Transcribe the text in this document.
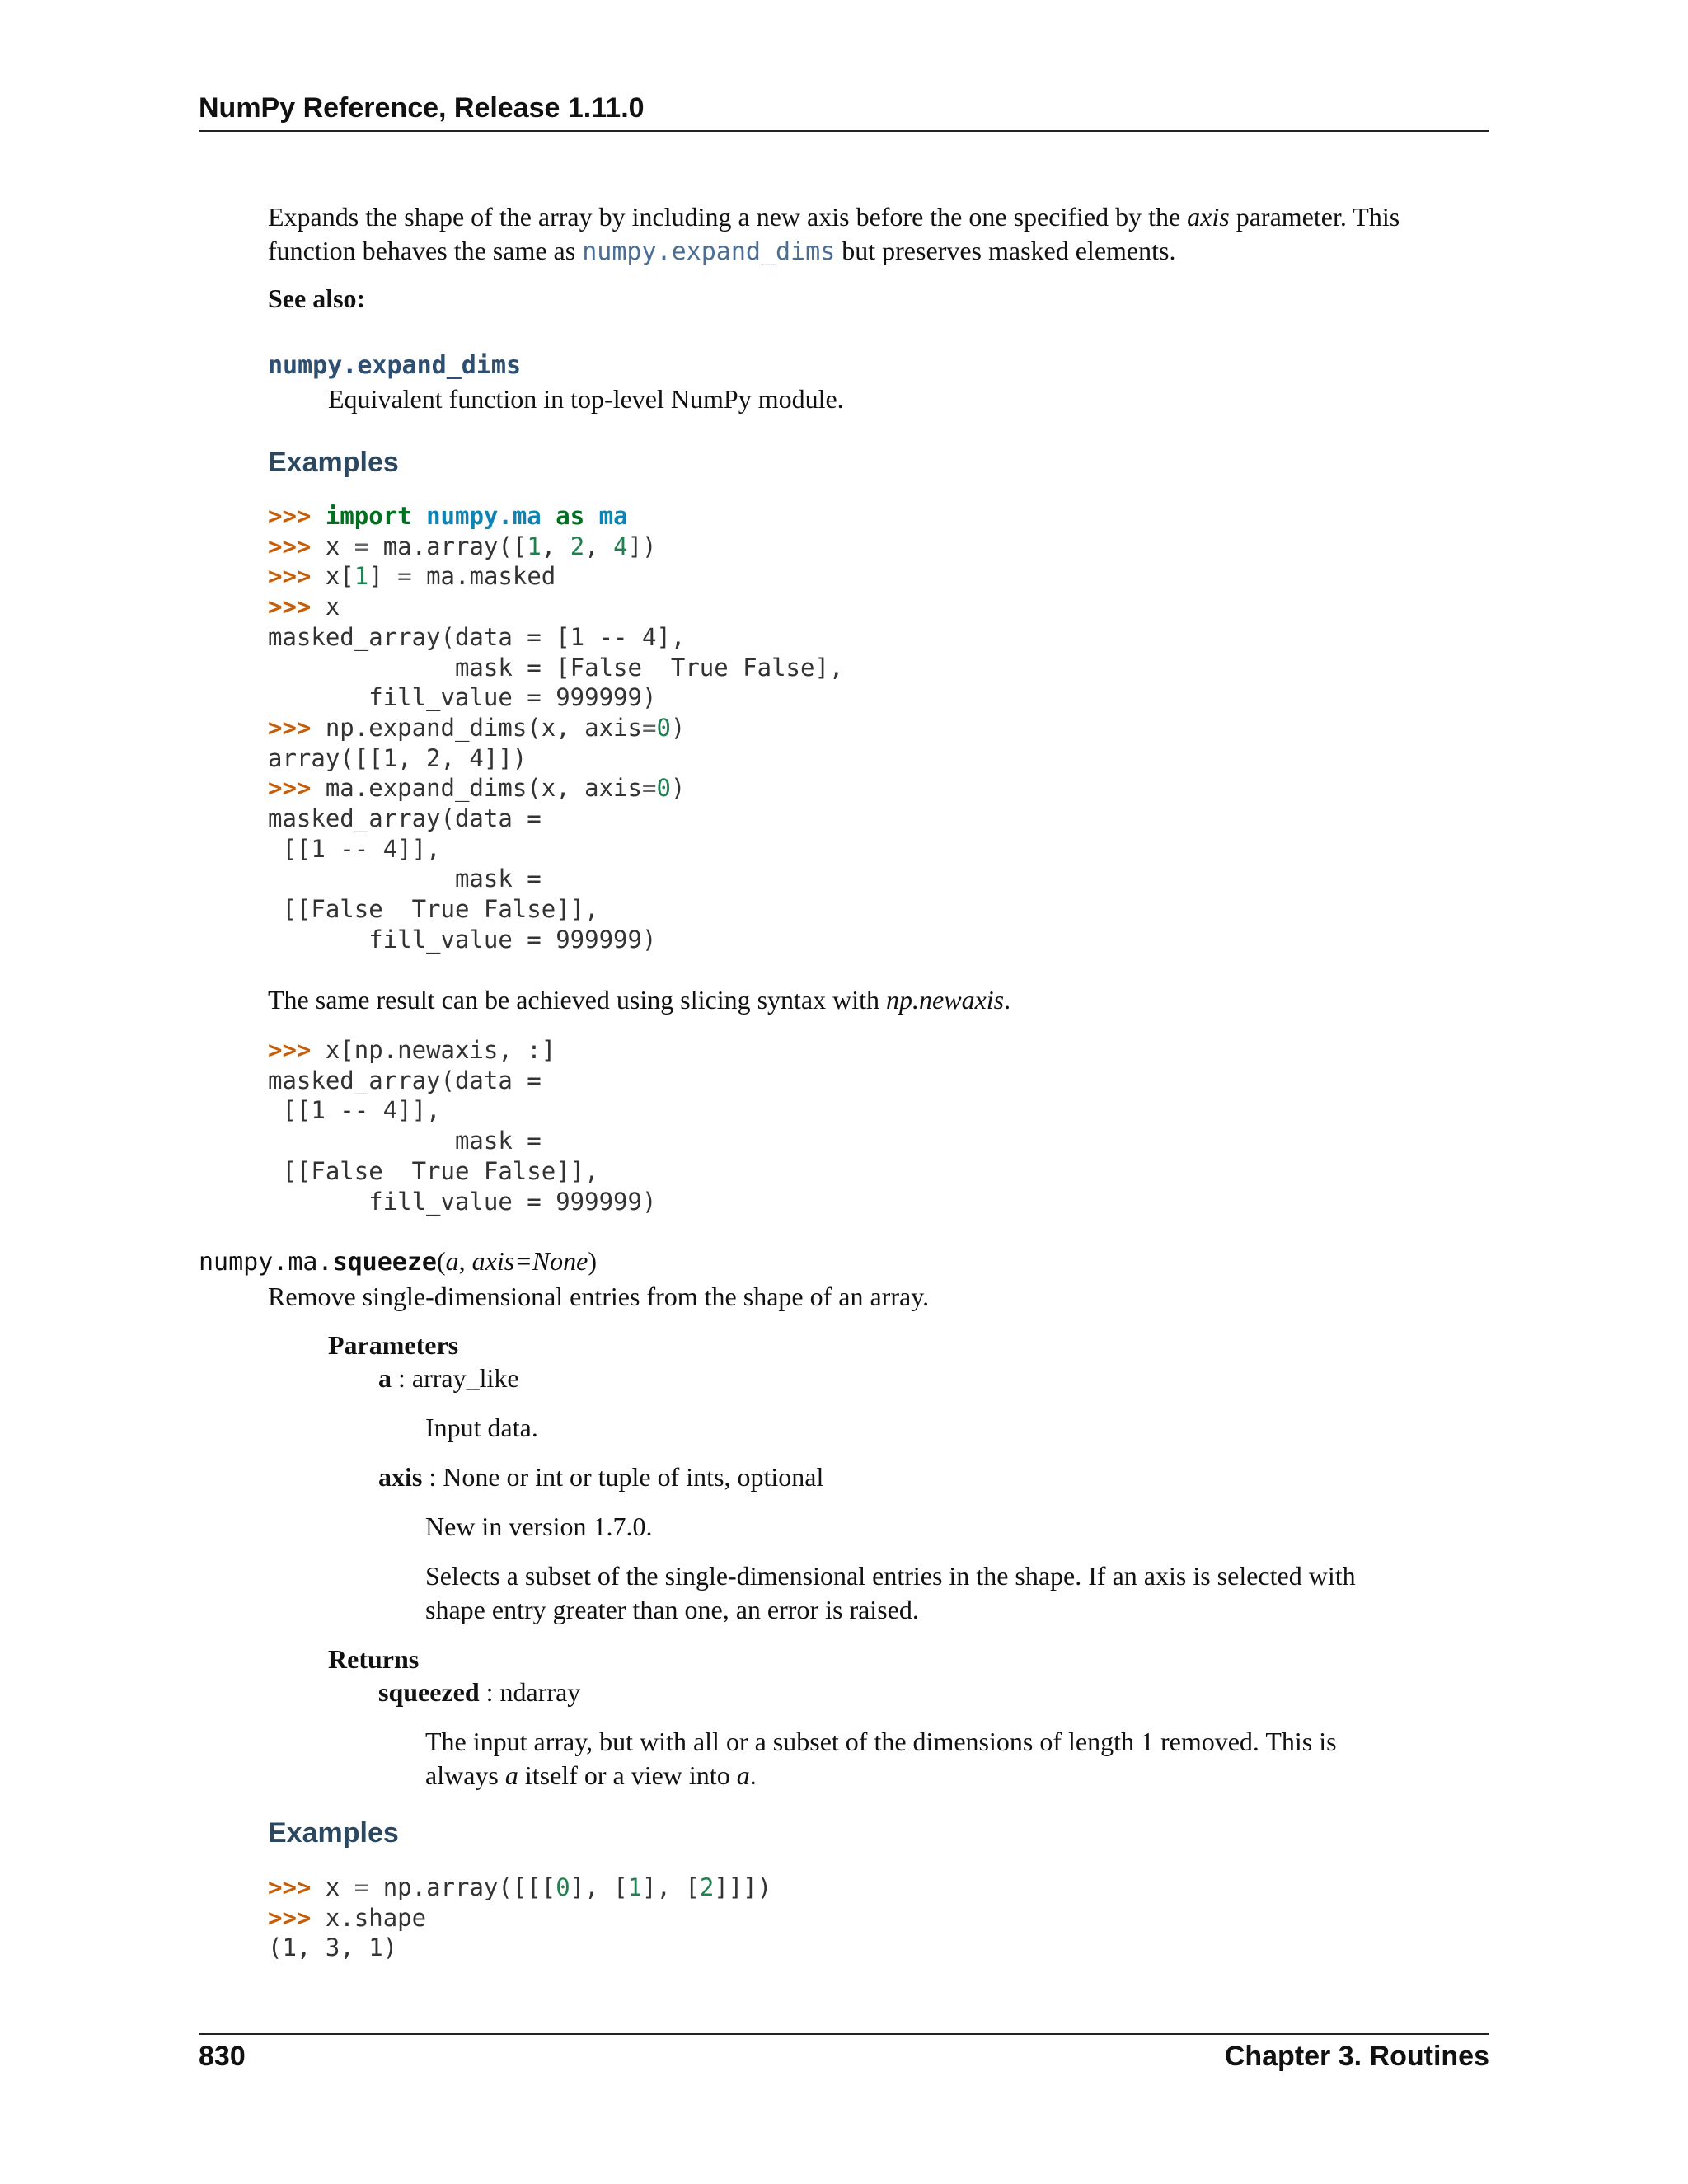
NumPy Reference, Release 1.11.0
Expands the shape of the array by including a new axis before the one specified by the axis parameter. This
function behaves the same as numpy.expand_dims but preserves masked elements.
See also:
numpy.expand_dims
Equivalent function in top-level NumPy module.
Examples
>>> import numpy.ma as ma
>>> x = ma.array([1, 2, 4])
>>> x[1] = ma.masked
>>> x
masked_array(data = [1 -- 4],
mask = [False  True False],
fill_value = 999999)
>>> np.expand_dims(x, axis=0)
array([[1, 2, 4]])
>>> ma.expand_dims(x, axis=0)
masked_array(data =
[[1 -- 4]],
mask =
[[False  True False]],
fill_value = 999999)
The same result can be achieved using slicing syntax with np.newaxis.
>>> x[np.newaxis, :]
masked_array(data =
[[1 -- 4]],
mask =
[[False  True False]],
fill_value = 999999)
numpy.ma.squeeze(a, axis=None)
Remove single-dimensional entries from the shape of an array.
Parameters
a : array_like
Input data.
axis : None or int or tuple of ints, optional
New in version 1.7.0.
Selects a subset of the single-dimensional entries in the shape. If an axis is selected with
shape entry greater than one, an error is raised.
Returns
squeezed : ndarray
The input array, but with all or a subset of the dimensions of length 1 removed. This is
always a itself or a view into a.
Examples
>>> x = np.array([[[0], [1], [2]]])
>>> x.shape
(1, 3, 1)
830	Chapter 3. Routines
